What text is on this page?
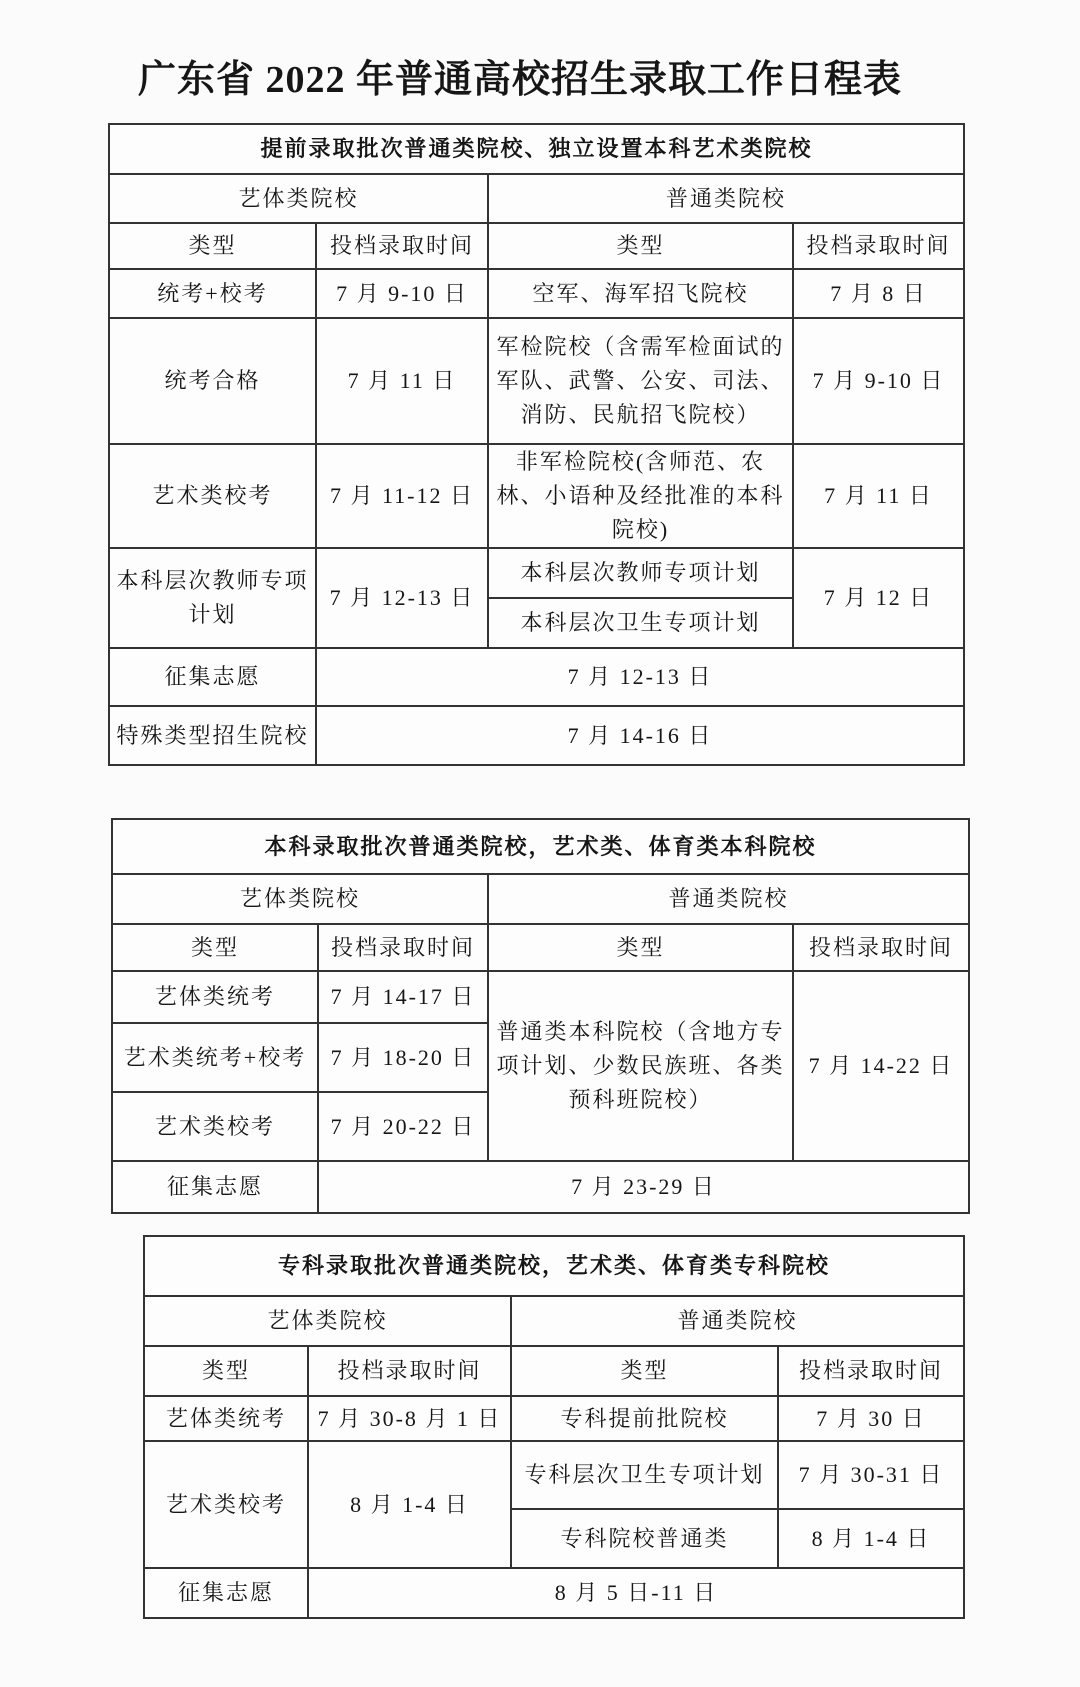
广东省 2022 年普通高校招生录取工作日程表
提前录取批次普通类院校、独立设置本科艺术类院校			
艺体类院校		普通类院校	
类型	投档录取时间	类型	投档录取时间
统考+校考	7 月 9-10 日	空军、海军招飞院校	7 月 8 日
统考合格	7 月 11 日	军检院校（含需军检面试的军队、武警、公安、司法、消防、民航招飞院校）	7 月 9-10 日
艺术类校考	7 月 11-12 日	非军检院校(含师范、农林、小语种及经批准的本科院校)	7 月 11 日
本科层次教师专项计划	7 月 12-13 日	本科层次教师专项计划	7 月 12 日
		本科层次卫生专项计划	
征集志愿	7 月 12-13 日		
特殊类型招生院校	7 月 14-16 日		
本科录取批次普通类院校，艺术类、体育类本科院校			
艺体类院校		普通类院校	
类型	投档录取时间	类型	投档录取时间
艺体类统考	7 月 14-17 日	普通类本科院校（含地方专项计划、少数民族班、各类预科班院校）	7 月 14-22 日
艺术类统考+校考	7 月 18-20 日		
艺术类校考	7 月 20-22 日		
征集志愿	7 月 23-29 日		
专科录取批次普通类院校，艺术类、体育类专科院校			
艺体类院校		普通类院校	
类型	投档录取时间	类型	投档录取时间
艺体类统考	7 月 30-8 月 1 日	专科提前批院校	7 月 30 日
艺术类校考	8 月 1-4 日	专科层次卫生专项计划	7 月 30-31 日
		专科院校普通类	8 月 1-4 日
征集志愿	8 月 5 日-11 日		
